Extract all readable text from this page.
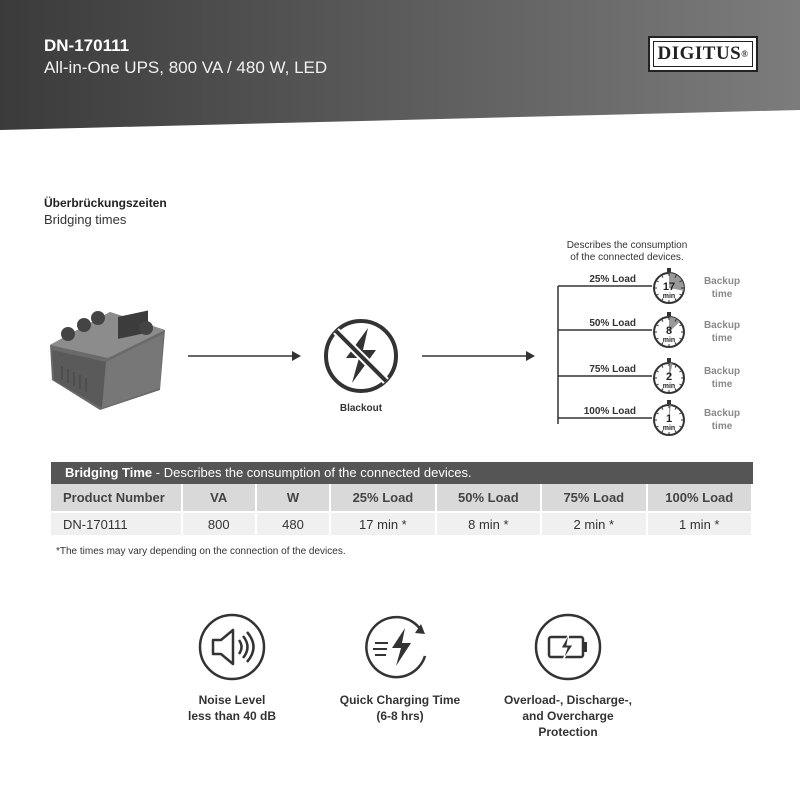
DN-170111
All-in-One UPS, 800 VA / 480 W, LED
DIGITUS ®
Überbrückungszeiten
Bridging times
Blackout
Describes the consumption
of the connected devices.
25% Load
17
min
Backup
time
50% Load
8
min
Backup
time
75% Load
2
min
Backup
time
100% Load
1
min
Backup
time
Bridging Time - Describes the consumption of the connected devices.
Product Number	VA	W	25% Load	50% Load	75% Load	100% Load
DN-170111	800	480	17 min *	8 min *	2 min *	1 min *
*The times may vary depending on the connection of the devices.
Noise Level
less than 40 dB
Quick Charging Time
(6-8 hrs)
Overload-, Discharge-,
and Overcharge
Protection
